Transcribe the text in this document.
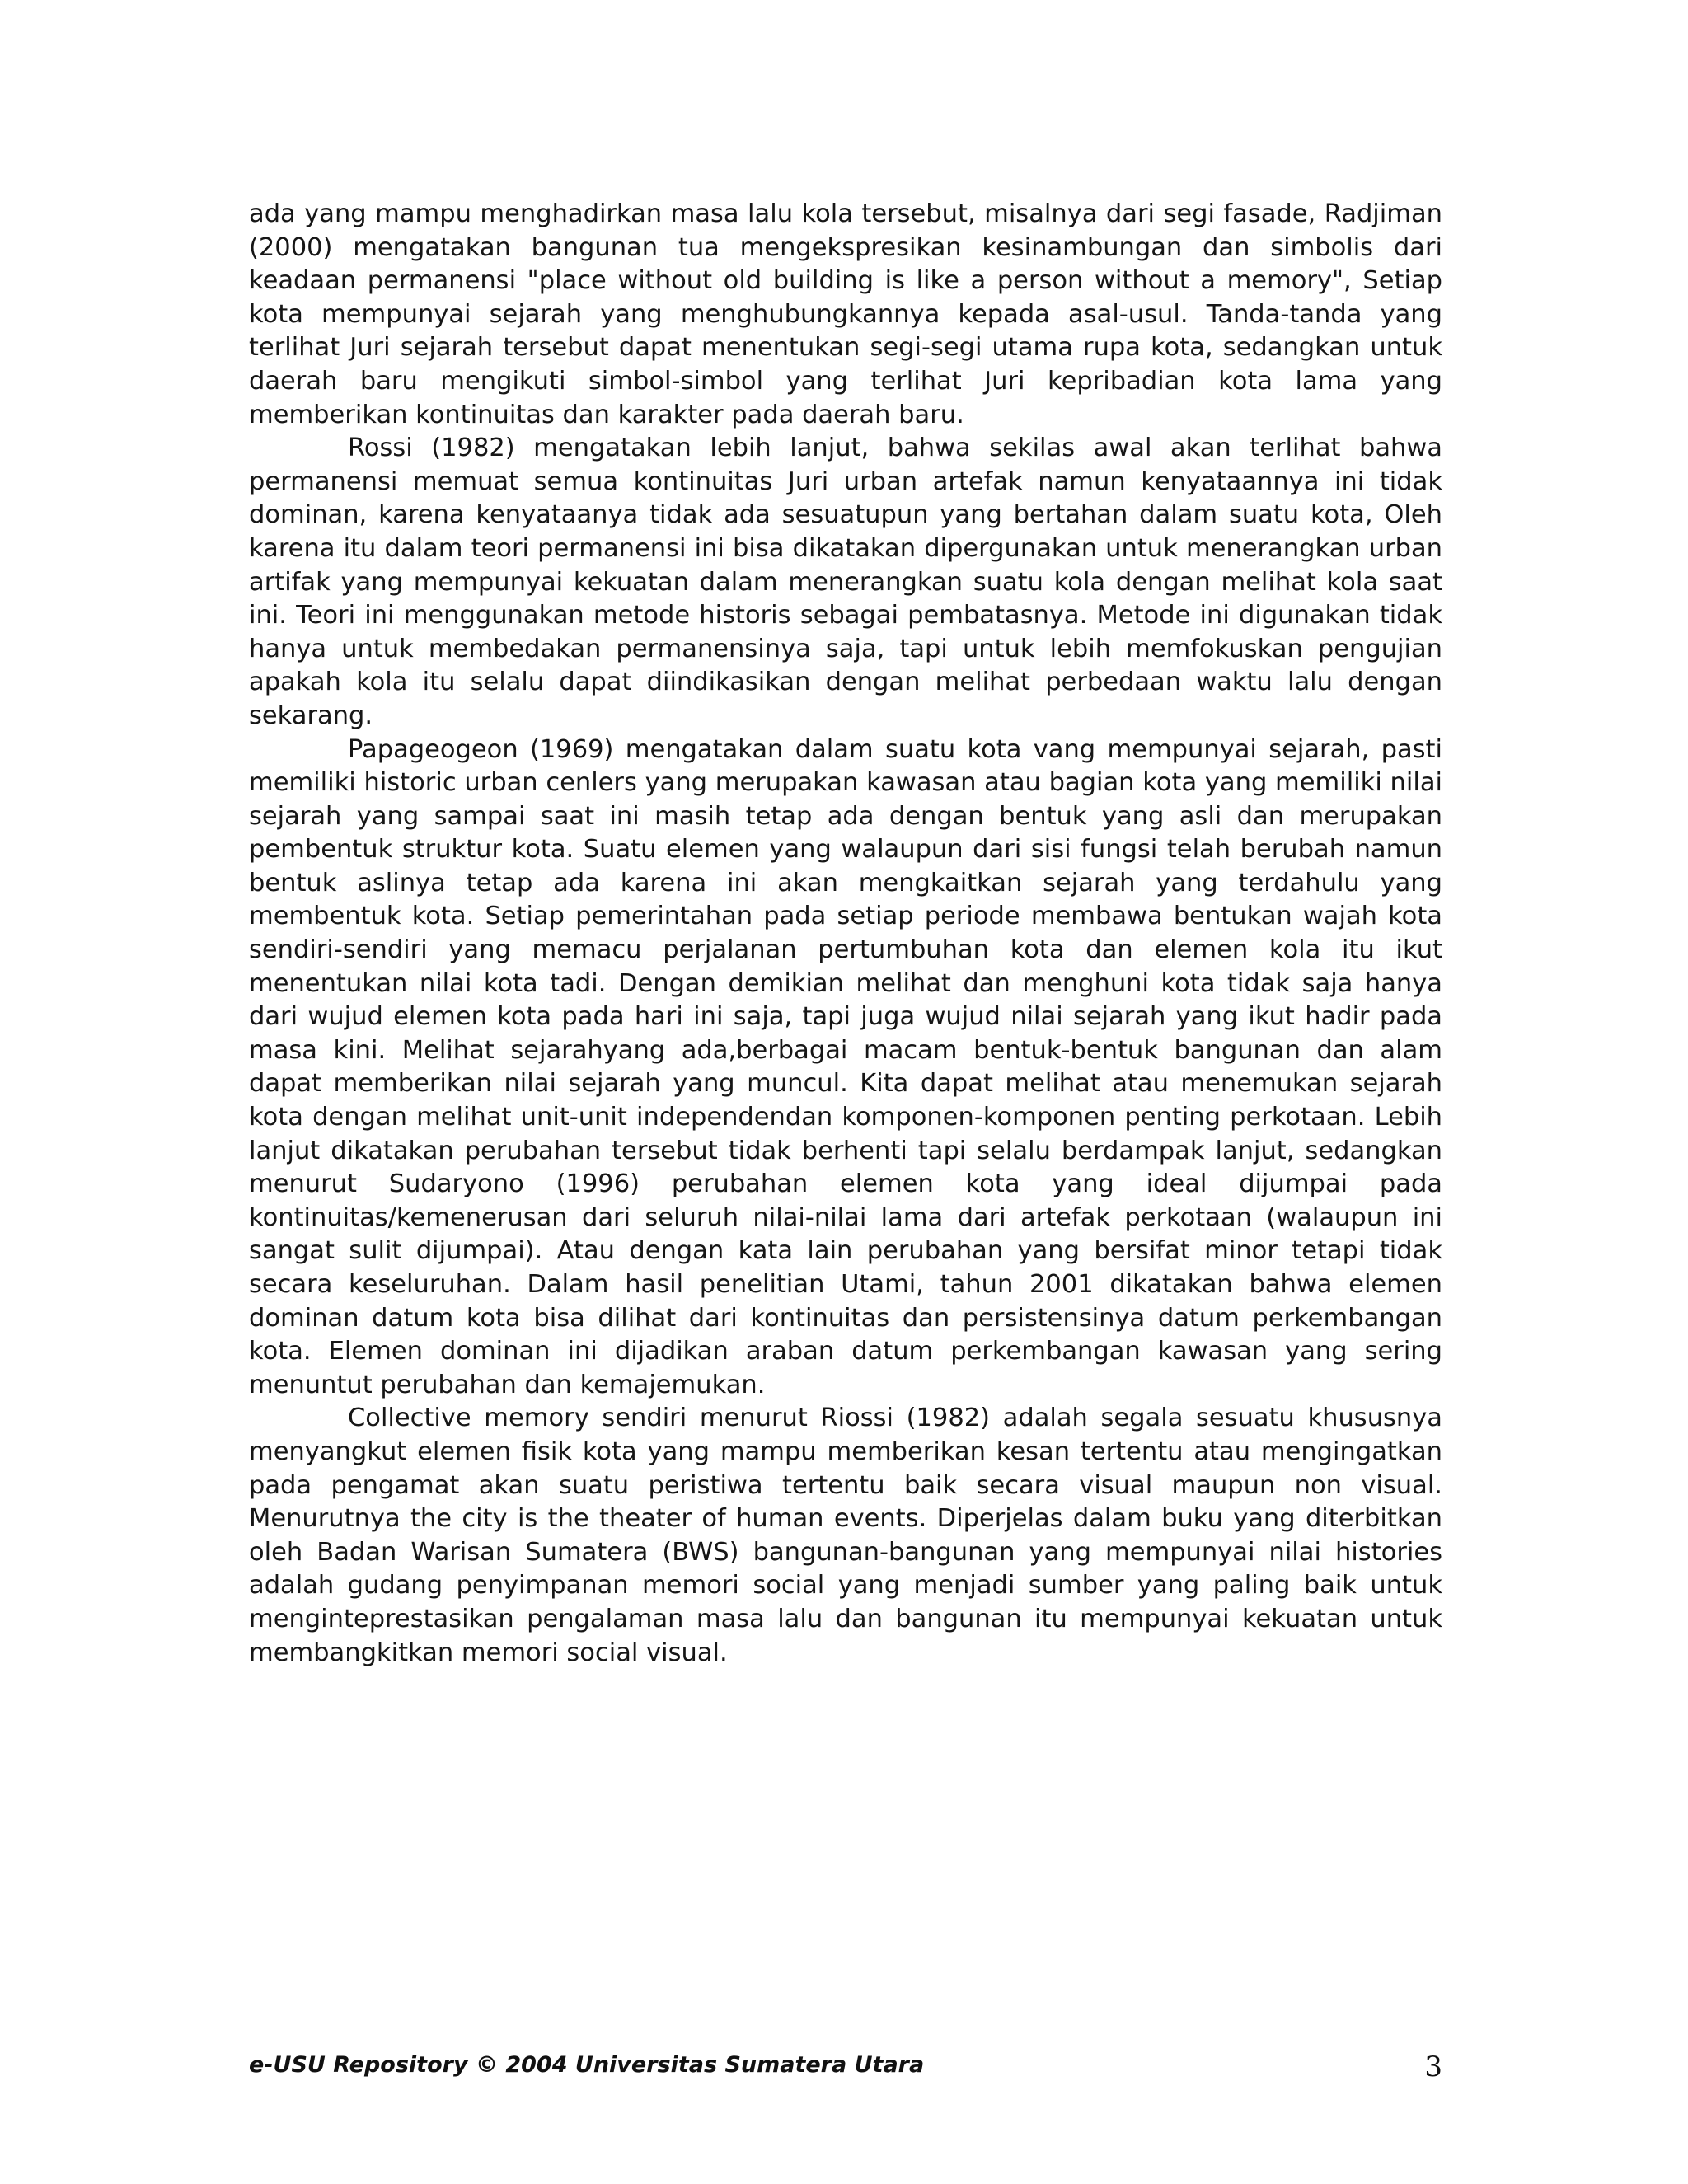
ada yang mampu menghadirkan masa lalu kola tersebut, misalnya dari segi fasade, Radjiman (2000) mengatakan bangunan tua mengekspresikan kesinambungan dan simbolis dari keadaan permanensi "place without old building is like a person without a memory", Setiap kota mempunyai sejarah yang menghubungkannya kepada asal-usul. Tanda-tanda yang terlihat Juri sejarah tersebut dapat menentukan segi-segi utama rupa kota, sedangkan untuk daerah baru mengikuti simbol-simbol yang terlihat Juri kepribadian kota lama yang memberikan kontinuitas dan karakter pada daerah baru.

Rossi (1982) mengatakan lebih lanjut, bahwa sekilas awal akan terlihat bahwa permanensi memuat semua kontinuitas Juri urban artefak namun kenyataannya ini tidak dominan, karena kenyataanya tidak ada sesuatupun yang bertahan dalam suatu kota, Oleh karena itu dalam teori permanensi ini bisa dikatakan dipergunakan untuk menerangkan urban artifak yang mempunyai kekuatan dalam menerangkan suatu kola dengan melihat kola saat ini. Teori ini menggunakan metode historis sebagai pembatasnya. Metode ini digunakan tidak hanya untuk membedakan permanensinya saja, tapi untuk lebih memfokuskan pengujian apakah kola itu selalu dapat diindikasikan dengan melihat perbedaan waktu lalu dengan sekarang.

Papageogeon (1969) mengatakan dalam suatu kota vang mempunyai sejarah, pasti memiliki historic urban cenlers yang merupakan kawasan atau bagian kota yang memiliki nilai sejarah yang sampai saat ini masih tetap ada dengan bentuk yang asli dan merupakan pembentuk struktur kota. Suatu elemen yang walaupun dari sisi fungsi telah berubah namun bentuk aslinya tetap ada karena ini akan mengkaitkan sejarah yang terdahulu yang membentuk kota. Setiap pemerintahan pada setiap periode membawa bentukan wajah kota sendiri-sendiri yang memacu perjalanan pertumbuhan kota dan elemen kola itu ikut menentukan nilai kota tadi. Dengan demikian melihat dan menghuni kota tidak saja hanya dari wujud elemen kota pada hari ini saja, tapi juga wujud nilai sejarah yang ikut hadir pada masa kini. Melihat sejarahyang ada,berbagai macam bentuk-bentuk bangunan dan alam dapat memberikan nilai sejarah yang muncul. Kita dapat melihat atau menemukan sejarah kota dengan melihat unit-unit independendan komponen-komponen penting perkotaan. Lebih lanjut dikatakan perubahan tersebut tidak berhenti tapi selalu berdampak lanjut, sedangkan menurut Sudaryono (1996) perubahan elemen kota yang ideal dijumpai pada kontinuitas/kemenerusan dari seluruh nilai-nilai lama dari artefak perkotaan (walaupun ini sangat sulit dijumpai). Atau dengan kata lain perubahan yang bersifat minor tetapi tidak secara keseluruhan. Dalam hasil penelitian Utami, tahun 2001 dikatakan bahwa elemen dominan datum kota bisa dilihat dari kontinuitas dan persistensinya datum perkembangan kota. Elemen dominan ini dijadikan araban datum perkembangan kawasan yang sering menuntut perubahan dan kemajemukan.

Collective memory sendiri menurut Riossi (1982) adalah segala sesuatu khususnya menyangkut elemen fisik kota yang mampu memberikan kesan tertentu atau mengingatkan pada pengamat akan suatu peristiwa tertentu baik secara visual maupun non visual. Menurutnya the city is the theater of human events. Diperjelas dalam buku yang diterbitkan oleh Badan Warisan Sumatera (BWS) bangunan-bangunan yang mempunyai nilai histories adalah gudang penyimpanan memori social yang menjadi sumber yang paling baik untuk menginteprestasikan pengalaman masa lalu dan bangunan itu mempunyai kekuatan untuk membangkitkan memori social visual.

e-USU Repository © 2004 Universitas Sumatera Utara	3
